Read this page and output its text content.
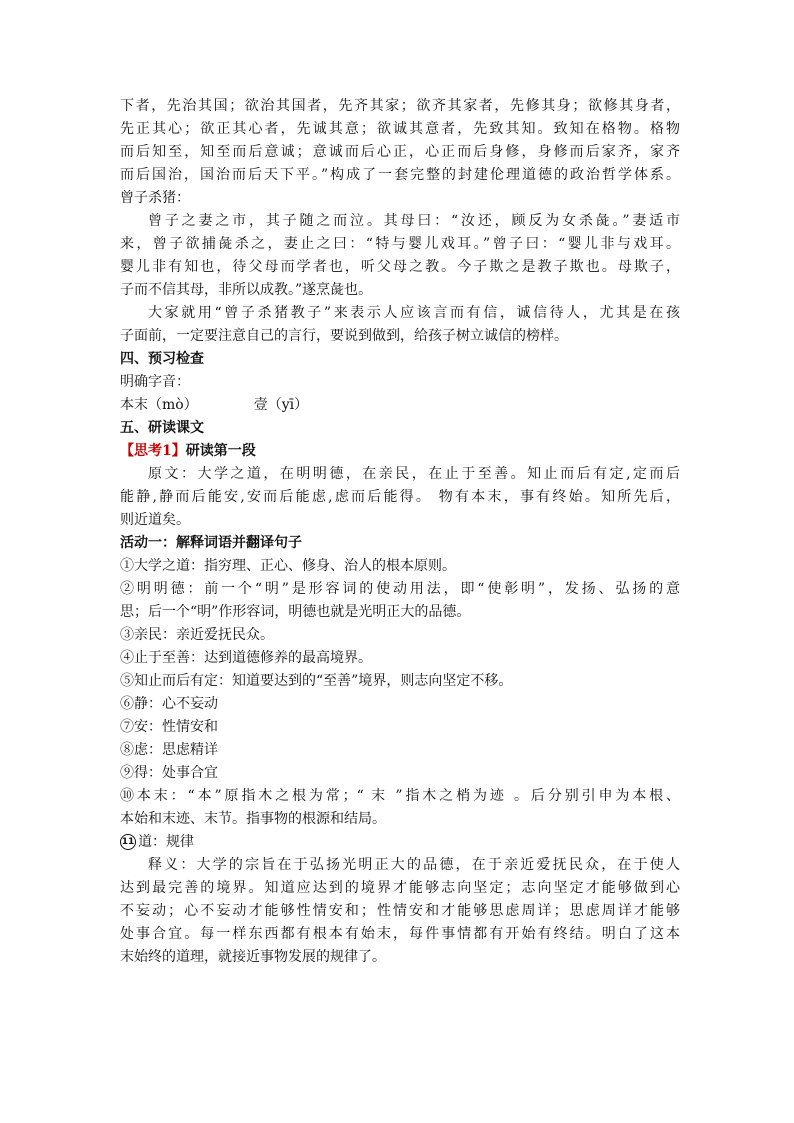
下者，先治其国；欲治其国者，先齐其家；欲齐其家者，先修其身；欲修其身者，
先正其心；欲正其心者，先诚其意；欲诚其意者，先致其知。致知在格物。格物
而后知至，知至而后意诚；意诚而后心正，心正而后身修，身修而后家齐，家齐
而后国治，国治而后天下平。”构成了一套完整的封建伦理道德的政治哲学体系。
曾子杀猪：
曾子之妻之市，其子随之而泣。其母曰：“汝还，顾反为女杀彘。”妻适市
来，曾子欲捕彘杀之，妻止之曰：“特与婴儿戏耳。”曾子曰：“婴儿非与戏耳。
婴儿非有知也，待父母而学者也，听父母之教。今子欺之是教子欺也。母欺子，
子而不信其母，非所以成教。”遂烹彘也。
大家就用“曾子杀猪教子”来表示人应该言而有信，诚信待人，尤其是在孩
子面前，一定要注意自己的言行，要说到做到，给孩子树立诚信的榜样。
四、预习检查
明确字音：
本末（mò）	壹（yī）
五、研读课文
【思考1】研读第一段
原文：大学之道，在明明德，在亲民，在止于至善。知止而后有定,定而后
能静,静而后能安,安而后能虑,虑而后能得。 物有本末，事有终始。知所先后，
则近道矣。
活动一：解释词语并翻译句子
①大学之道：指穷理、正心、修身、治人的根本原则。
②明明德：前一个“明”是形容词的使动用法，即“使彰明”，发扬、弘扬的意
思；后一个“明”作形容词，明德也就是光明正大的品德。
③亲民：亲近爱抚民众。
④止于至善：达到道德修养的最高境界。
⑤知止而后有定：知道要达到的“至善”境界，则志向坚定不移。
⑥静：心不妄动
⑦安：性情安和
⑧虑：思虑精详
⑨得：处事合宜
⑩本末：“本”原指木之根为常；“ 末 ”指木之梢为迹 。后分别引申为本根、
本始和末迹、末节。指事物的根源和结局。
11 道：规律
释义：大学的宗旨在于弘扬光明正大的品德，在于亲近爱抚民众，在于使人
达到最完善的境界。知道应达到的境界才能够志向坚定；志向坚定才能够做到心
不妄动；心不妄动才能够性情安和；性情安和才能够思虑周详；思虑周详才能够
处事合宜。每一样东西都有根本有始末，每件事情都有开始有终结。明白了这本
末始终的道理，就接近事物发展的规律了。
